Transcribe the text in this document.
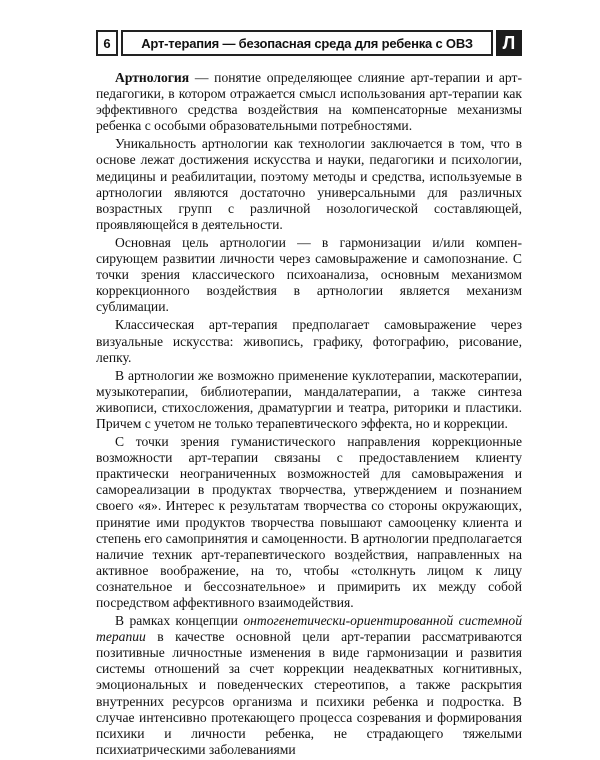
6	Арт-терапия — безопасная среда для ребенка с ОВЗ	Л

Артнология — понятие определяющее слияние арт-терапии и арт-педагогики, в котором отражается смысл использования арт-терапии как эффективного средства воздействия на компенсаторные механизмы ребенка с особыми образовательными потребностями.

Уникальность артнологии как технологии заключается в том, что в основе лежат достижения искусства и науки, педагогики и психологии, медицины и реабилитации, поэтому методы и средства, используемые в артнологии являются достаточно универсальными для различных возрастных групп с различной нозологической составляющей, проявляющейся в деятельности.

Основная цель артнологии — в гармонизации и/или компенсирующем развитии личности через самовыражение и самопознание. С точки зрения классического психоанализа, основным механизмом коррекционного воздействия в артнологии является механизм сублимации.

Классическая арт-терапия предполагает самовыражение через визуальные искусства: живопись, графику, фотографию, рисование, лепку.

В артнологии же возможно применение куклотерапии, маскотерапии, музыкотерапии, библиотерапии, мандалатерапии, а также синтеза живописи, стихосложения, драматургии и театра, риторики и пластики. Причем с учетом не только терапевтического эффекта, но и коррекции.

С точки зрения гуманистического направления коррекционные возможности арт-терапии связаны с предоставлением клиенту практически неограниченных возможностей для самовыражения и самореализации в продуктах творчества, утверждением и познанием своего «я». Интерес к результатам творчества со стороны окружающих, принятие ими продуктов творчества повышают самооценку клиента и степень его самопринятия и самоценности. В артнологии предполагается наличие техник арт-терапевтического воздействия, направленных на активное воображение, на то, чтобы «столкнуть лицом к лицу сознательное и бессознательное» и примирить их между собой посредством аффективного взаимодействия.

В рамках концепции онтогенетически-ориентированной системной терапии в качестве основной цели арт-терапии рассматриваются позитивные личностные изменения в виде гармонизации и развития системы отношений за счет коррекции неадекватных когнитивных, эмоциональных и поведенческих стереотипов, а также раскрытия внутренних ресурсов организма и психики ребенка и подростка. В случае интенсивно протекающего процесса созревания и формирования психики и личности ребенка, не страдающего тяжелыми психиатрическими заболеваниями
